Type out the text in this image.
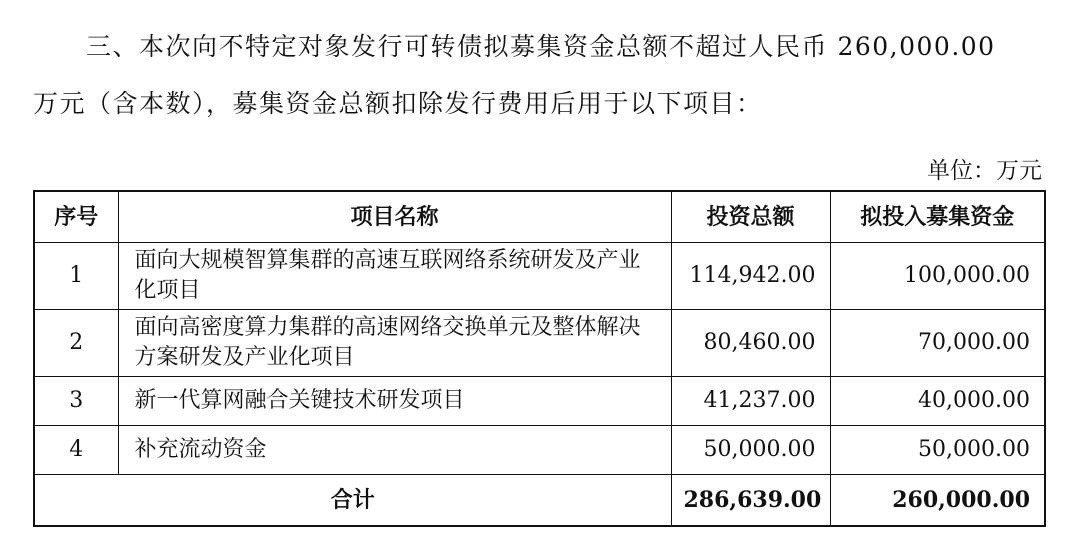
三、本次向不特定对象发行可转债拟募集资金总额不超过人民币 260,000.00
万元（含本数），募集资金总额扣除发行费用后用于以下项目：
单位：万元
序号	项目名称	投资总额	拟投入募集资金
1	面向大规模智算集群的高速互联网络系统研发及产业化项目	114,942.00	100,000.00
2	面向高密度算力集群的高速网络交换单元及整体解决方案研发及产业化项目	80,460.00	70,000.00
3	新一代算网融合关键技术研发项目	41,237.00	40,000.00
4	补充流动资金	50,000.00	50,000.00
合计		286,639.00	260,000.00
